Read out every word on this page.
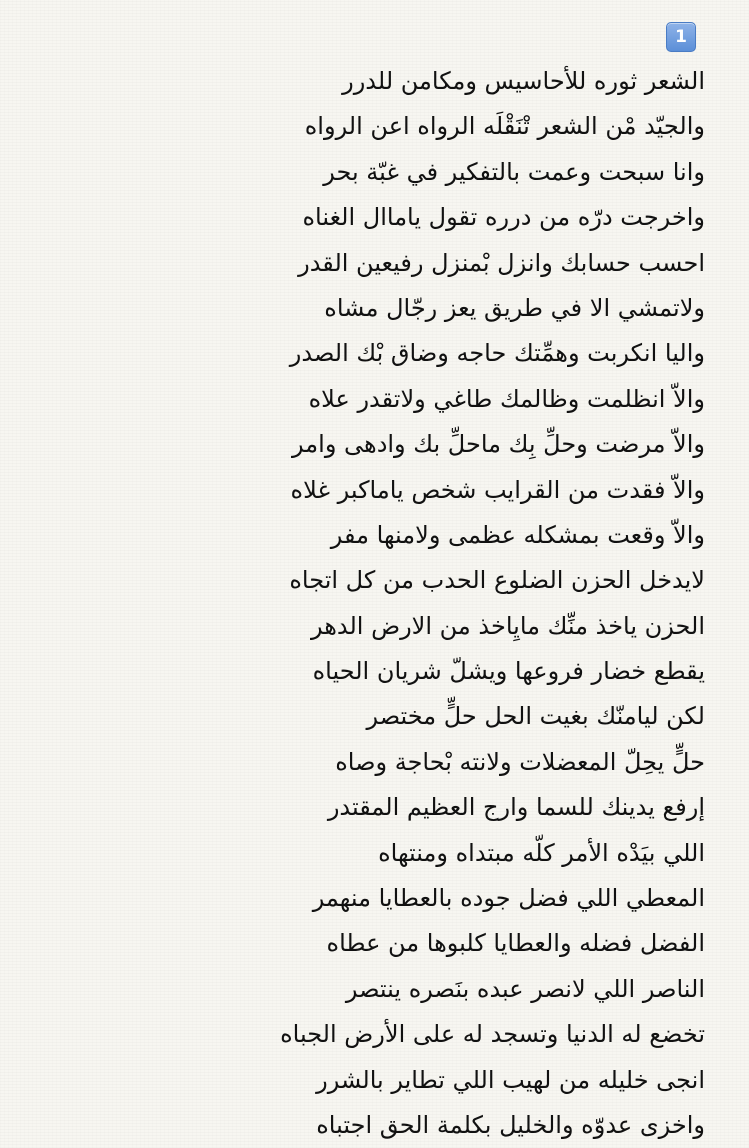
1
الشعر ثوره للأحاسيس ومكامن للدرر
والجيّد مْن الشعر تْنَقْلَه الرواه اعن الرواه
وانا سبحت وعمت بالتفكير في غبّة بحر
واخرجت درّه من درره تقول ياماال الغناه
احسب حسابك وانزل بْمنزل رفيعين القدر
ولاتمشي الا في طريق يعز رجّال مشاه
واليا انكربت وهمِّتك حاجه وضاق بْك الصدر
والاّ انظلمت وظالمك طاغي ولاتقدر علاه
والاّ مرضت وحلِّ بِك ماحلِّ بك وادهى وامر
والاّ فقدت من القرايب شخص ياماكبر غلاه
والاّ وقعت بمشكله عظمى ولامنها مفر
لايدخل الحزن الضلوع الحدب من كل اتجاه
الحزن ياخذ منِّك مايِاخذ من الارض الدهر
يقطع خضار فروعها ويشلّ شريان الحياه
لكن ليامنّك بغيت الحل حلٍّ مختصر
حلٍّ يحِلّ المعضلات ولانته بْحاجة وصاه
إرفع يدينك للسما وارج العظيم المقتدر
اللي بيَدْه الأمر كلّه مبتداه ومنتهاه
المعطي اللي فضل جوده بالعطايا منهمر
الفضل فضله والعطايا كلبوها من عطاه
الناصر اللي لانصر عبده بنَصره ينتصر
تخضع له الدنيا وتسجد له على الأرض الجباه
انجى خليله من لهيب اللي تطاير بالشرر
واخزى عدوّه والخليل بكلمة الحق اجتباه
